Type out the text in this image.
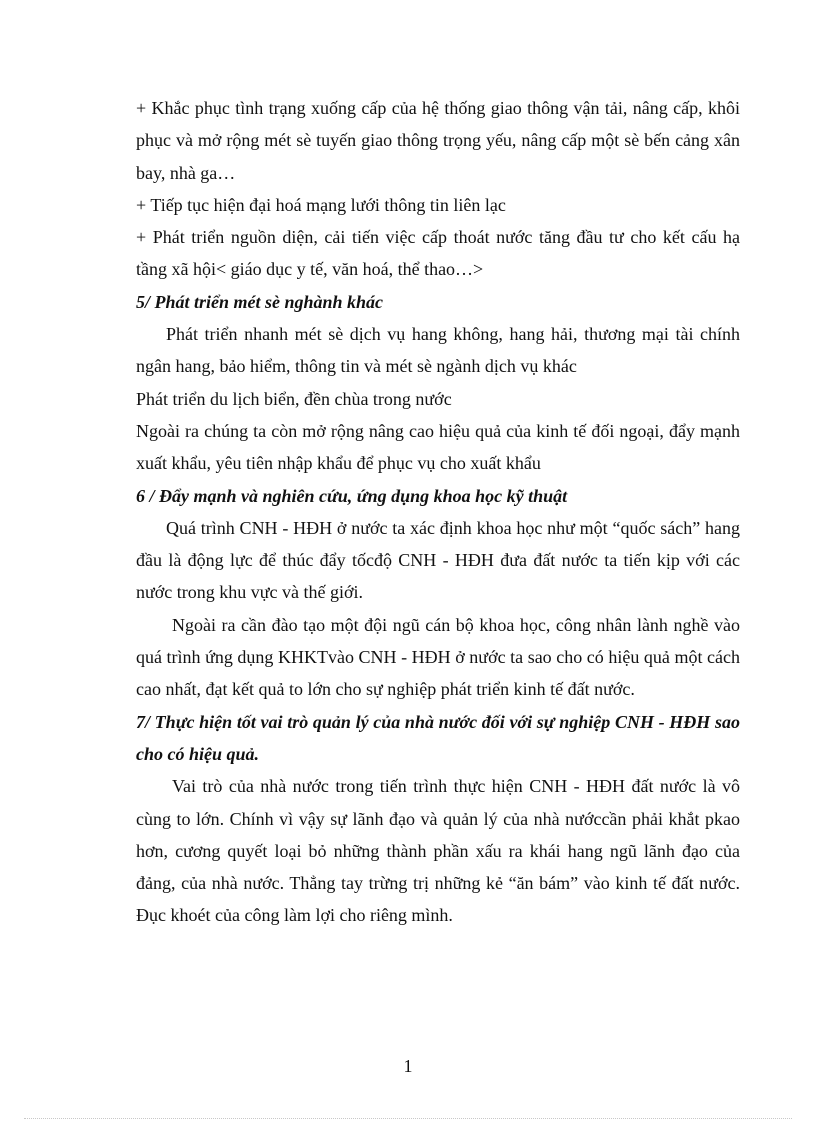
+ Khắc phục tình trạng xuống cấp của hệ thống giao thông vận tải, nâng cấp, khôi phục và mở rộng mét sè tuyến giao thông trọng yếu, nâng cấp một sè bến cảng xân bay, nhà ga…

+ Tiếp tục hiện đại hoá mạng lưới thông tin liên lạc

+ Phát triển nguồn diện, cải tiến việc cấp thoát nước tăng đầu tư cho kết cấu hạ tầng xã hội< giáo dục y tế, văn hoá, thể thao…>

5/ Phát triển mét sè nghành khác

Phát triển nhanh mét sè dịch vụ hang không, hang hải, thương mại tài chính ngân hang, bảo hiểm, thông tin và mét sè ngành dịch vụ khác

Phát triển du lịch biển, đền chùa trong nước

Ngoài ra chúng ta còn mở rộng nâng cao hiệu quả của kinh tế đối ngoại, đẩy mạnh xuất khẩu, yêu tiên nhập khẩu để phục vụ cho xuất khẩu

6 / Đẩy mạnh và nghiên cứu, ứng dụng khoa học kỹ thuật

Quá trình CNH - HĐH ở nước ta xác định khoa học như một “quốc sách” hang đầu là động lực để thúc đẩy tốcđộ CNH - HĐH đưa đất nước ta tiến kịp với các nước trong khu vực và thế giới.

Ngoài ra cần đào tạo một đội ngũ cán bộ khoa học, công nhân lành nghề vào quá trình ứng dụng KHKTvào CNH - HĐH ở nước ta sao cho có hiệu quả một cách cao nhất, đạt kết quả to lớn cho sự nghiệp phát triển kinh tế đất nước.

7/ Thực hiện tốt vai trò quản lý của nhà nước đối với sự nghiệp CNH - HĐH sao cho có hiệu quả.

Vai trò của nhà nước trong tiến trình thực hiện CNH - HĐH đất nước là vô cùng to lớn. Chính vì vậy sự lãnh đạo và quản lý của nhà nướccần phải khắt pkao hơn, cương quyết loại bỏ những thành phần xấu ra khái hang ngũ lãnh đạo của đảng, của nhà nước. Thẳng tay trừng trị những kẻ “ăn bám” vào kinh tế đất nước. Đục khoét của công làm lợi cho riêng mình.

1
